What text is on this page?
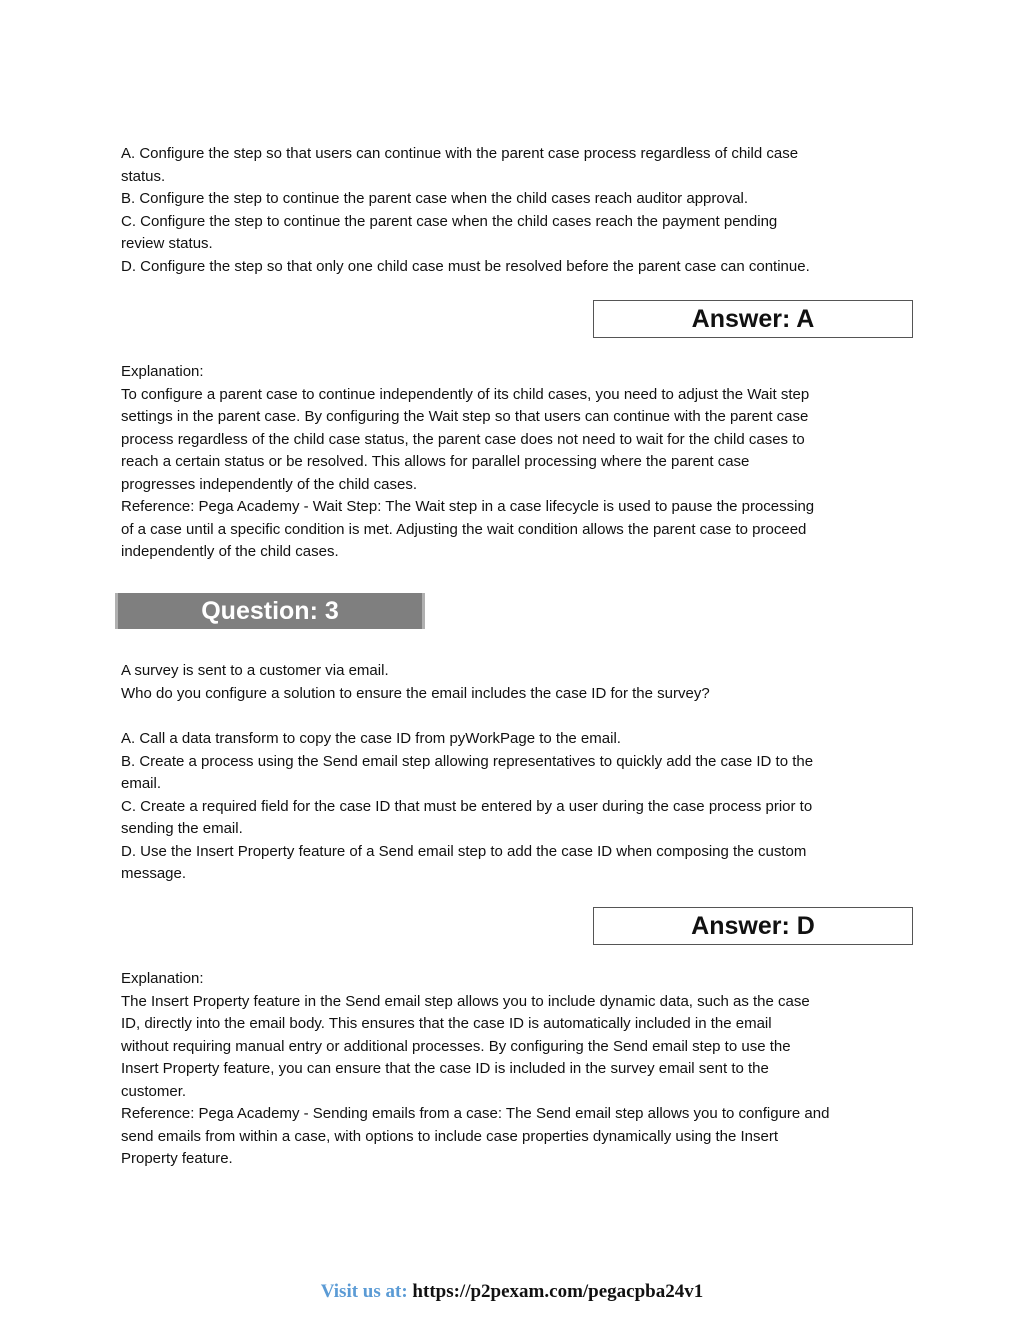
A. Configure the step so that users can continue with the parent case process regardless of child case
status.
B. Configure the step to continue the parent case when the child cases reach auditor approval.
C. Configure the step to continue the parent case when the child cases reach the payment pending
review status.
D. Configure the step so that only one child case must be resolved before the parent case can continue.
Answer: A
Explanation:
To configure a parent case to continue independently of its child cases, you need to adjust the Wait step
settings in the parent case. By configuring the Wait step so that users can continue with the parent case
process regardless of the child case status, the parent case does not need to wait for the child cases to
reach a certain status or be resolved. This allows for parallel processing where the parent case
progresses independently of the child cases.
Reference: Pega Academy - Wait Step: The Wait step in a case lifecycle is used to pause the processing
of a case until a specific condition is met. Adjusting the wait condition allows the parent case to proceed
independently of the child cases.
Question: 3
A survey is sent to a customer via email.
Who do you configure a solution to ensure the email includes the case ID for the survey?
A. Call a data transform to copy the case ID from pyWorkPage to the email.
B. Create a process using the Send email step allowing representatives to quickly add the case ID to the
email.
C. Create a required field for the case ID that must be entered by a user during the case process prior to
sending the email.
D. Use the Insert Property feature of a Send email step to add the case ID when composing the custom
message.
Answer: D
Explanation:
The Insert Property feature in the Send email step allows you to include dynamic data, such as the case
ID, directly into the email body. This ensures that the case ID is automatically included in the email
without requiring manual entry or additional processes. By configuring the Send email step to use the
Insert Property feature, you can ensure that the case ID is included in the survey email sent to the
customer.
Reference: Pega Academy - Sending emails from a case: The Send email step allows you to configure and
send emails from within a case, with options to include case properties dynamically using the Insert
Property feature.
Visit us at: https://p2pexam.com/pegacpba24v1
